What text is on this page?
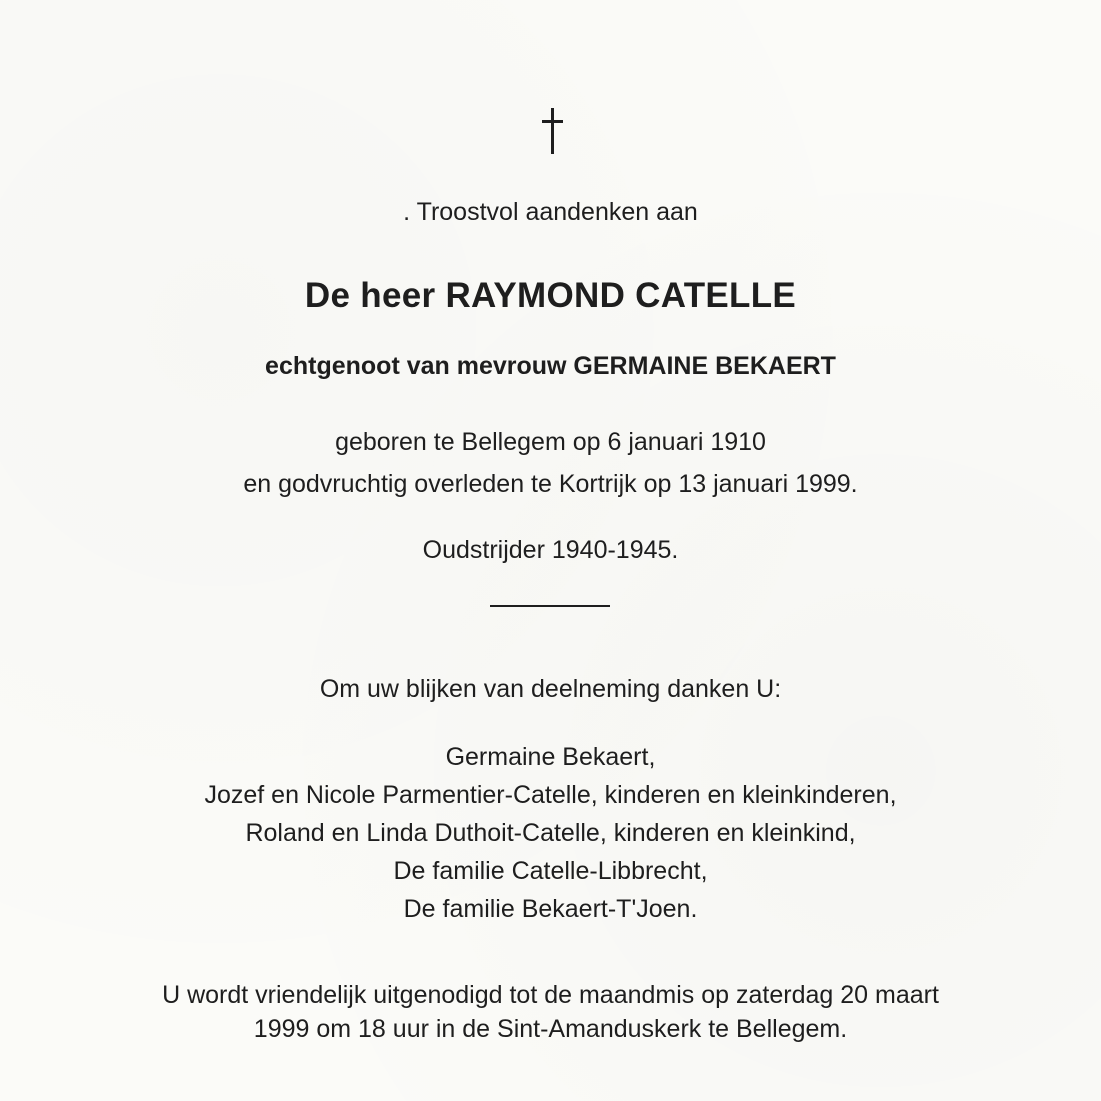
. Troostvol aandenken aan
De heer RAYMOND CATELLE
echtgenoot van mevrouw GERMAINE BEKAERT
geboren te Bellegem op 6 januari 1910
en godvruchtig overleden te Kortrijk op 13 januari 1999.
Oudstrijder 1940-1945.
Om uw blijken van deelneming danken U:
Germaine Bekaert,
Jozef en Nicole Parmentier-Catelle, kinderen en kleinkinderen,
Roland en Linda Duthoit-Catelle, kinderen en kleinkind,
De familie Catelle-Libbrecht,
De familie Bekaert-T'Joen.
U wordt vriendelijk uitgenodigd tot de maandmis op zaterdag 20 maart
1999 om 18 uur in de Sint-Amanduskerk te Bellegem.
